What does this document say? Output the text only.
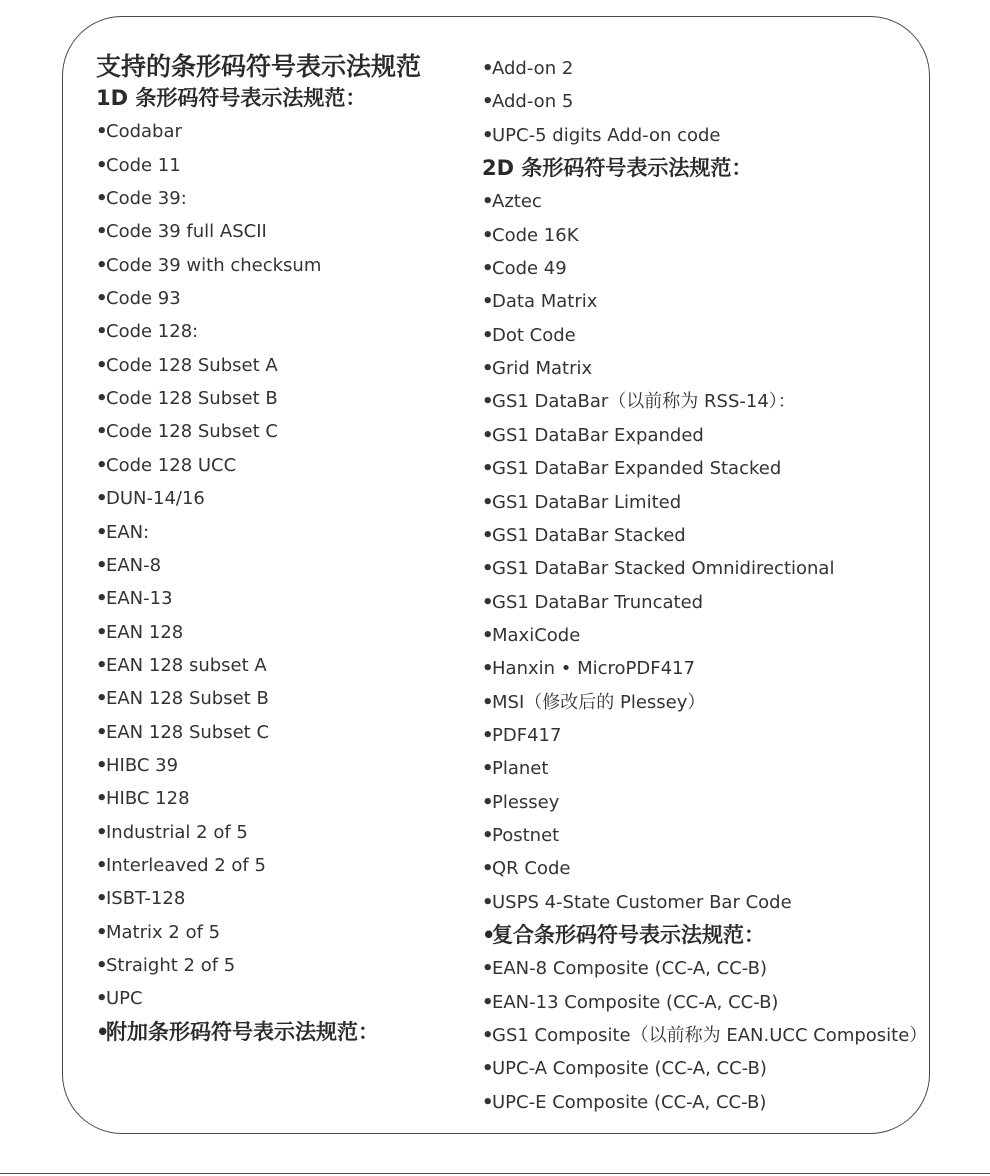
支持的条形码符号表示法规范
1D 条形码符号表示法规范：
•Codabar
•Code 11
•Code 39:
•Code 39 full ASCII
•Code 39 with checksum
•Code 93
•Code 128:
•Code 128 Subset A
•Code 128 Subset B
•Code 128 Subset C
•Code 128 UCC
•DUN-14/16
•EAN:
•EAN-8
•EAN-13
•EAN 128
•EAN 128 subset A
•EAN 128 Subset B
•EAN 128 Subset C
•HIBC 39
•HIBC 128
•Industrial 2 of 5
•Interleaved 2 of 5
•ISBT-128
•Matrix 2 of 5
•Straight 2 of 5
•UPC
•附加条形码符号表示法规范：
•Add-on 2
•Add-on 5
•UPC-5 digits Add-on code
2D 条形码符号表示法规范：
•Aztec
•Code 16K
•Code 49
•Data Matrix
•Dot Code
•Grid Matrix
•GS1 DataBar（以前称为 RSS-14）：
•GS1 DataBar Expanded
•GS1 DataBar Expanded Stacked
•GS1 DataBar Limited
•GS1 DataBar Stacked
•GS1 DataBar Stacked Omnidirectional
•GS1 DataBar Truncated
•MaxiCode
•Hanxin • MicroPDF417
•MSI（修改后的 Plessey）
•PDF417
•Planet
•Plessey
•Postnet
•QR Code
•USPS 4-State Customer Bar Code
•复合条形码符号表示法规范：
•EAN-8 Composite (CC-A, CC-B)
•EAN-13 Composite (CC-A, CC-B)
•GS1 Composite（以前称为 EAN.UCC Composite）
•UPC-A Composite (CC-A, CC-B)
•UPC-E Composite (CC-A, CC-B)
